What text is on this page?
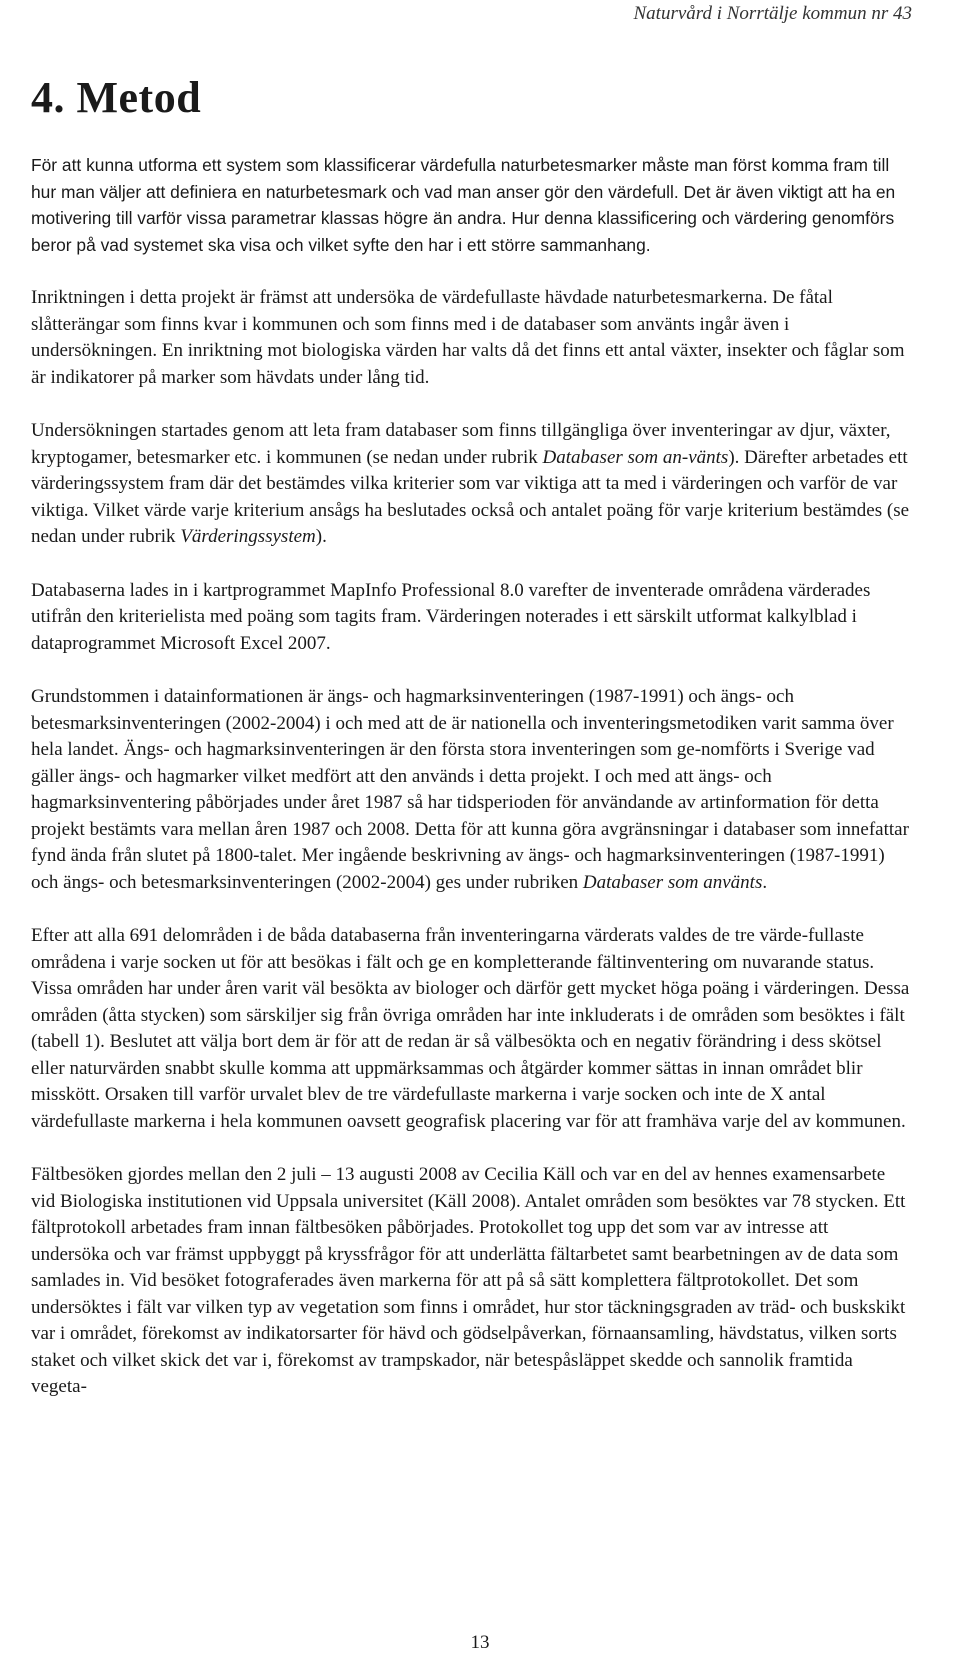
Naturvård i Norrtälje kommun nr 43
4. Metod

För att kunna utforma ett system som klassificerar värdefulla naturbetesmarker måste man först komma fram till hur man väljer att definiera en naturbetesmark och vad man anser gör den värdefull. Det är även viktigt att ha en motivering till varför vissa parametrar klassas högre än andra. Hur denna klassificering och värdering genomförs beror på vad systemet ska visa och vilket syfte den har i ett större sammanhang.

Inriktningen i detta projekt är främst att undersöka de värdefullaste hävdade naturbetesmarkerna. De fåtal slåtterängar som finns kvar i kommunen och som finns med i de databaser som använts ingår även i undersökningen. En inriktning mot biologiska värden har valts då det finns ett antal växter, insekter och fåglar som är indikatorer på marker som hävdats under lång tid.

Undersökningen startades genom att leta fram databaser som finns tillgängliga över inventeringar av djur, växter, kryptogamer, betesmarker etc. i kommunen (se nedan under rubrik Databaser som an-vänts). Därefter arbetades ett värderingssystem fram där det bestämdes vilka kriterier som var viktiga att ta med i värderingen och varför de var viktiga. Vilket värde varje kriterium ansågs ha beslutades också och antalet poäng för varje kriterium bestämdes (se nedan under rubrik Värderingssystem).

Databaserna lades in i kartprogrammet MapInfo Professional 8.0 varefter de inventerade områdena värderades utifrån den kriterielista med poäng som tagits fram. Värderingen noterades i ett särskilt utformat kalkylblad i dataprogrammet Microsoft Excel 2007.

Grundstommen i datainformationen är ängs- och hagmarksinventeringen (1987-1991) och ängs- och betesmarksinventeringen (2002-2004) i och med att de är nationella och inventeringsmetodiken varit samma över hela landet. Ängs- och hagmarksinventeringen är den första stora inventeringen som ge-nomförts i Sverige vad gäller ängs- och hagmarker vilket medfört att den används i detta projekt. I och med att ängs- och hagmarksinventering påbörjades under året 1987 så har tidsperioden för användande av artinformation för detta projekt bestämts vara mellan åren 1987 och 2008. Detta för att kunna göra avgränsningar i databaser som innefattar fynd ända från slutet på 1800-talet. Mer ingående beskrivning av ängs- och hagmarksinventeringen (1987-1991) och ängs- och betesmarksinventeringen (2002-2004) ges under rubriken Databaser som använts.

Efter att alla 691 delområden i de båda databaserna från inventeringarna värderats valdes de tre värde-fullaste områdena i varje socken ut för att besökas i fält och ge en kompletterande fältinventering om nuvarande status. Vissa områden har under åren varit väl besökta av biologer och därför gett mycket höga poäng i värderingen. Dessa områden (åtta stycken) som särskiljer sig från övriga områden har inte inkluderats i de områden som besöktes i fält (tabell 1). Beslutet att välja bort dem är för att de redan är så välbesökta och en negativ förändring i dess skötsel eller naturvärden snabbt skulle komma att uppmärksammas och åtgärder kommer sättas in innan området blir misskött. Orsaken till varför urvalet blev de tre värdefullaste markerna i varje socken och inte de X antal värdefullaste markerna i hela kommunen oavsett geografisk placering var för att framhäva varje del av kommunen.

Fältbesöken gjordes mellan den 2 juli – 13 augusti 2008 av Cecilia Käll och var en del av hennes examensarbete vid Biologiska institutionen vid Uppsala universitet (Käll 2008). Antalet områden som besöktes var 78 stycken. Ett fältprotokoll arbetades fram innan fältbesöken påbörjades. Protokollet tog upp det som var av intresse att undersöka och var främst uppbyggt på kryssfrågor för att underlätta fältarbetet samt bearbetningen av de data som samlades in. Vid besöket fotograferades även markerna för att på så sätt komplettera fältprotokollet. Det som undersöktes i fält var vilken typ av vegetation som finns i området, hur stor täckningsgraden av träd- och buskskikt var i området, förekomst av indikatorsarter för hävd och gödselpåverkan, förnaansamling, hävdstatus, vilken sorts staket och vilket skick det var i, förekomst av trampskador, när betespåsläppet skedde och sannolik framtida vegeta-

13
